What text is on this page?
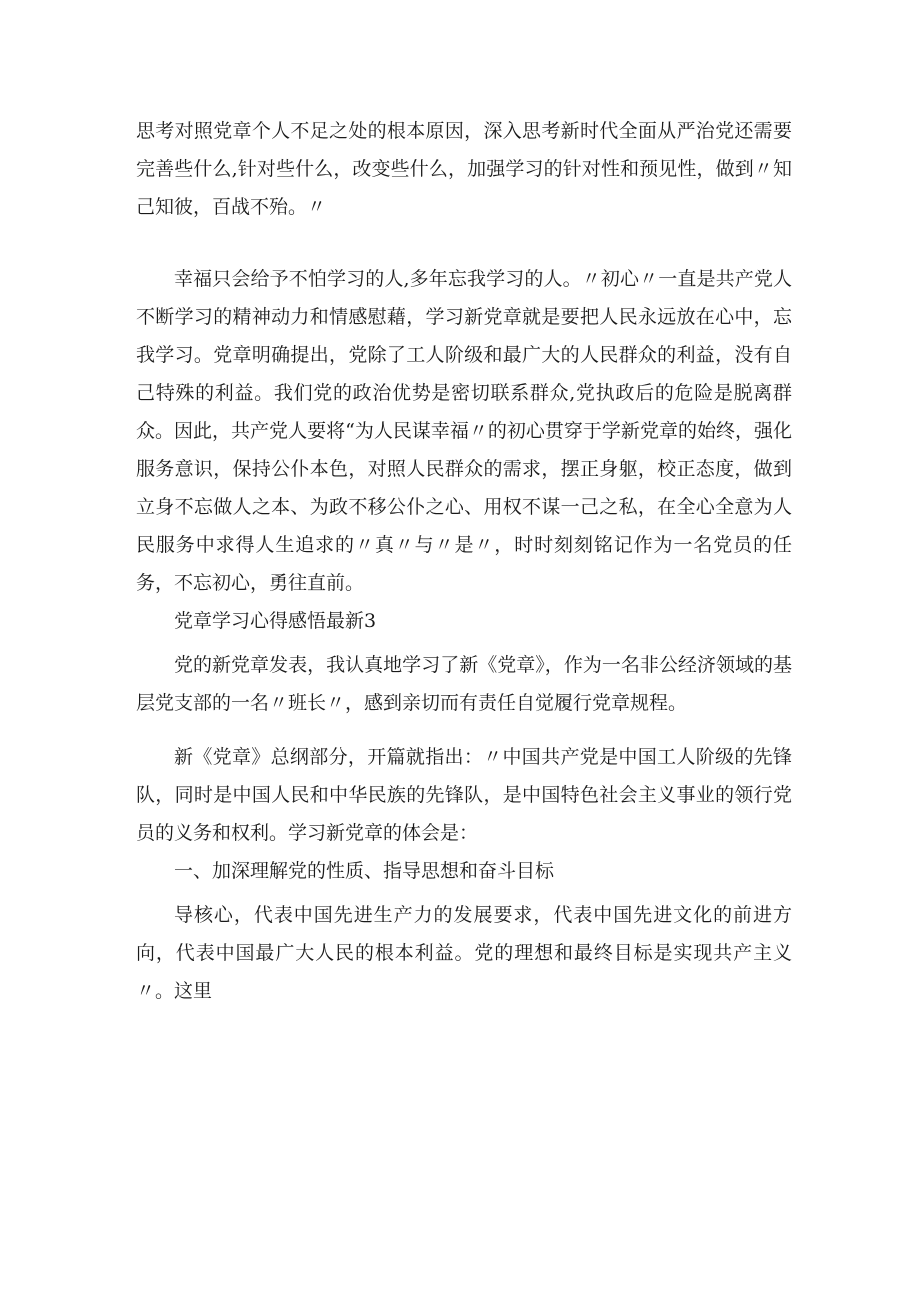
思考对照党章个人不足之处的根本原因，深入思考新时代全面从严治党还需要完善些什么,针对些什么，改变些什么，加强学习的针对性和预见性，做到〃知己知彼，百战不殆。〃

幸福只会给予不怕学习的人,多年忘我学习的人。〃初心〃一直是共产党人不断学习的精神动力和情感慰藉，学习新党章就是要把人民永远放在心中，忘我学习。党章明确提出，党除了工人阶级和最广大的人民群众的利益，没有自己特殊的利益。我们党的政治优势是密切联系群众,党执政后的危险是脱离群众。因此，共产党人要将“为人民谋幸福〃的初心贯穿于学新党章的始终，强化服务意识，保持公仆本色，对照人民群众的需求，摆正身躯，校正态度，做到立身不忘做人之本、为政不移公仆之心、用权不谋一己之私，在全心全意为人民服务中求得人生追求的〃真〃与〃是〃，时时刻刻铭记作为一名党员的任务，不忘初心，勇往直前。

党章学习心得感悟最新3

党的新党章发表，我认真地学习了新《党章》，作为一名非公经济领域的基层党支部的一名〃班长〃，感到亲切而有责任自觉履行党章规程。

新《党章》总纲部分，开篇就指出：〃中国共产党是中国工人阶级的先锋队，同时是中国人民和中华民族的先锋队，是中国特色社会主义事业的领行党员的义务和权利。学习新党章的体会是：

一、加深理解党的性质、指导思想和奋斗目标

导核心，代表中国先进生产力的发展要求，代表中国先进文化的前进方向，代表中国最广大人民的根本利益。党的理想和最终目标是实现共产主义〃。这里
